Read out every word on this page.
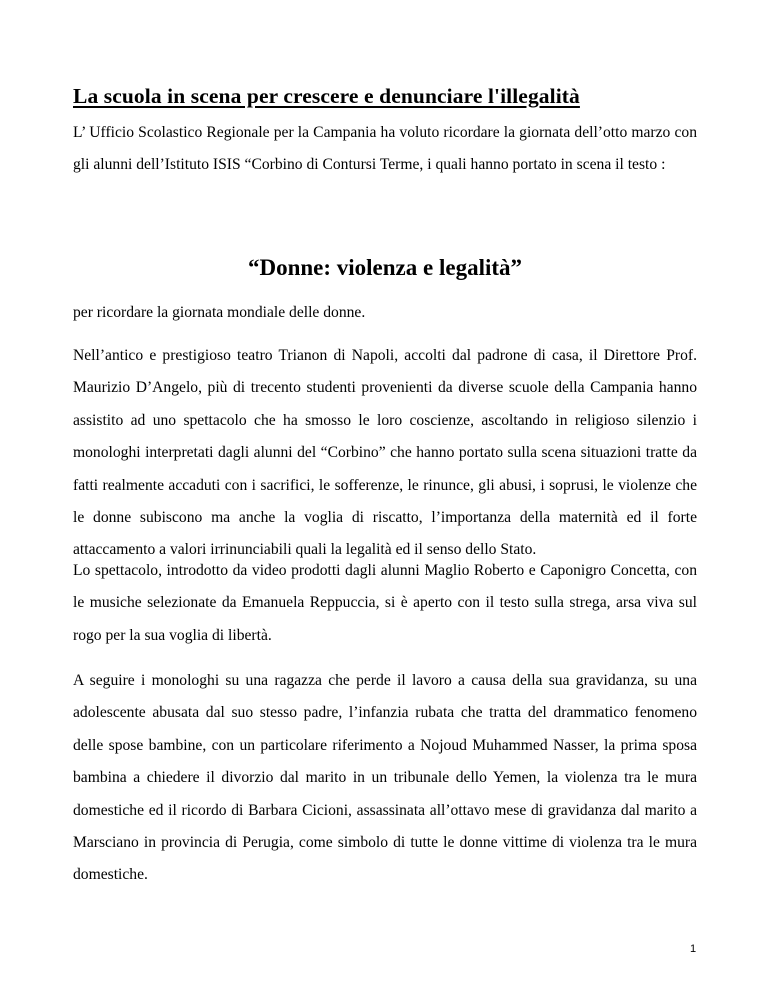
La scuola in scena per crescere e denunciare l'illegalità

L’ Ufficio Scolastico Regionale per la Campania ha voluto ricordare la giornata dell’otto marzo con gli alunni dell’Istituto ISIS “Corbino di Contursi Terme, i quali hanno portato in scena il testo :

“Donne: violenza e legalità”

per ricordare la giornata mondiale delle donne.

Nell’antico e prestigioso teatro Trianon di Napoli, accolti dal padrone di casa, il Direttore Prof. Maurizio D’Angelo, più di trecento studenti provenienti da diverse scuole della Campania hanno assistito ad uno spettacolo che ha smosso le loro coscienze, ascoltando in religioso silenzio i monologhi interpretati dagli alunni del “Corbino” che hanno portato sulla scena situazioni tratte da fatti realmente accaduti con i sacrifici, le sofferenze, le rinunce, gli abusi, i soprusi, le violenze che le donne subiscono ma anche la voglia di riscatto, l’importanza della maternità ed il forte attaccamento a valori irrinunciabili quali la legalità ed il senso dello Stato.

Lo spettacolo, introdotto da video prodotti dagli alunni Maglio Roberto e Caponigro Concetta, con le musiche selezionate da Emanuela Reppuccia, si è aperto con il testo sulla strega, arsa viva sul rogo per la sua voglia di libertà.

A seguire i monologhi su una ragazza che perde il lavoro a causa della sua gravidanza, su una adolescente abusata dal suo stesso padre, l’infanzia rubata che tratta del drammatico fenomeno delle spose bambine, con un particolare riferimento a Nojoud Muhammed Nasser, la prima sposa bambina a chiedere il divorzio dal marito in un tribunale dello Yemen, la violenza tra le mura domestiche ed il ricordo di Barbara Cicioni, assassinata all’ottavo mese di gravidanza dal marito a Marsciano in provincia di Perugia, come simbolo di tutte le donne vittime di violenza tra le mura domestiche.

1
